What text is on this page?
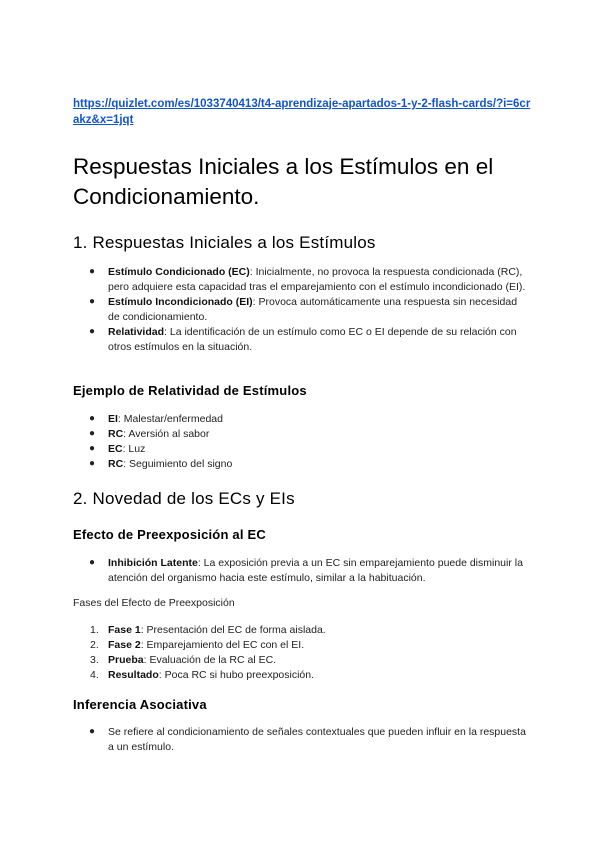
https://quizlet.com/es/1033740413/t4-aprendizaje-apartados-1-y-2-flash-cards/?i=6crakz&x=1jqt
Respuestas Iniciales a los Estímulos en el Condicionamiento.
1. Respuestas Iniciales a los Estímulos
● Estímulo Condicionado (EC): Inicialmente, no provoca la respuesta condicionada (RC), pero adquiere esta capacidad tras el emparejamiento con el estímulo incondicionado (EI).
● Estímulo Incondicionado (EI): Provoca automáticamente una respuesta sin necesidad de condicionamiento.
● Relatividad: La identificación de un estímulo como EC o EI depende de su relación con otros estímulos en la situación.
Ejemplo de Relatividad de Estímulos
● EI: Malestar/enfermedad
● RC: Aversión al sabor
● EC: Luz
● RC: Seguimiento del signo
2. Novedad de los ECs y EIs
Efecto de Preexposición al EC
● Inhibición Latente: La exposición previa a un EC sin emparejamiento puede disminuir la atención del organismo hacia este estímulo, similar a la habituación.
Fases del Efecto de Preexposición
1. Fase 1: Presentación del EC de forma aislada.
2. Fase 2: Emparejamiento del EC con el EI.
3. Prueba: Evaluación de la RC al EC.
4. Resultado: Poca RC si hubo preexposición.
Inferencia Asociativa
● Se refiere al condicionamiento de señales contextuales que pueden influir en la respuesta a un estímulo.
